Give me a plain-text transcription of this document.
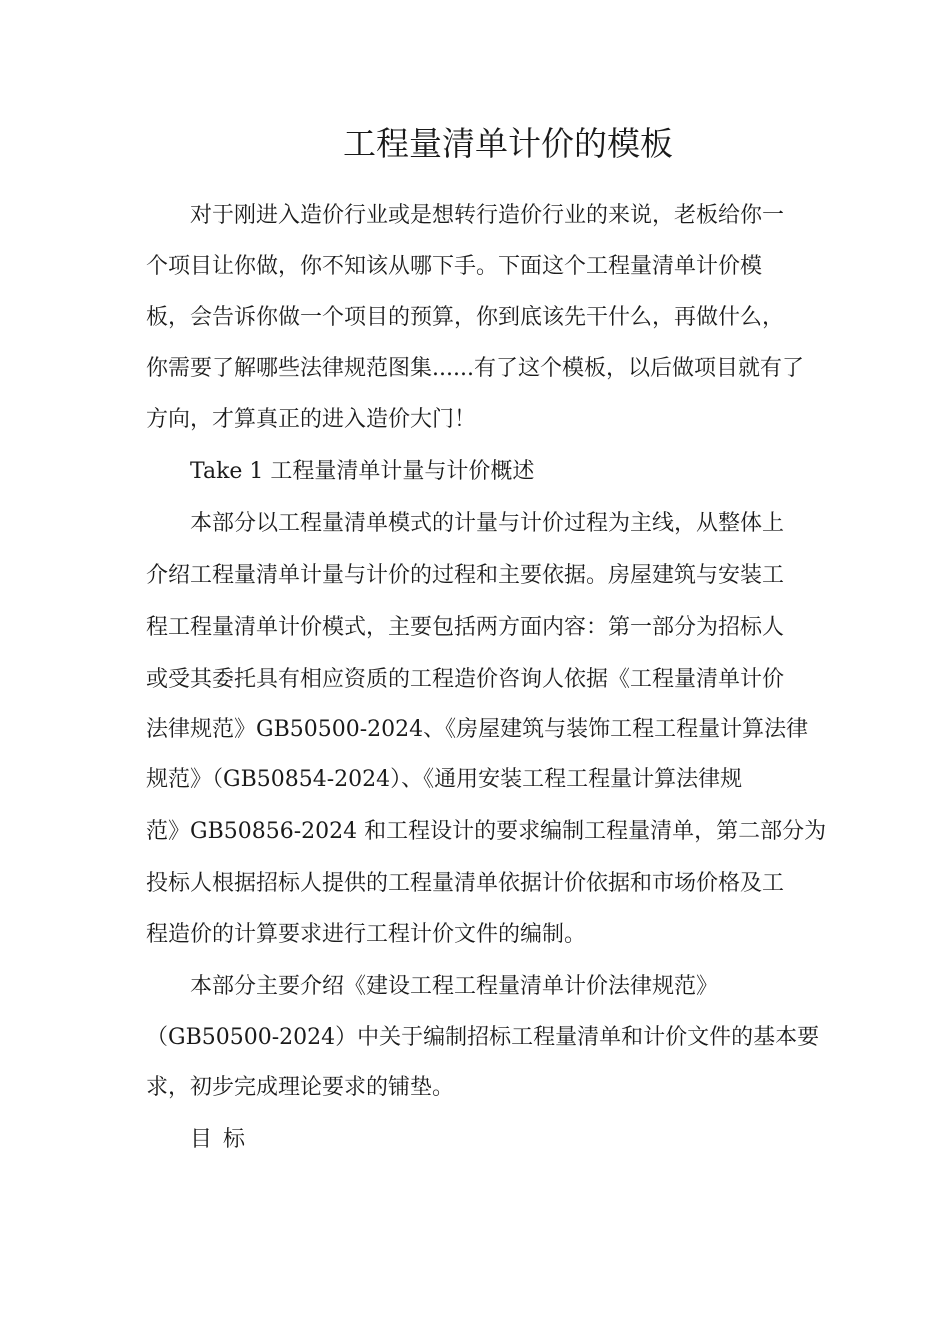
工程量清单计价的模板
对于刚进入造价行业或是想转行造价行业的来说，老板给你一
个项目让你做，你不知该从哪下手。下面这个工程量清单计价模
板，会告诉你做一个项目的预算，你到底该先干什么，再做什么，
你需要了解哪些法律规范图集......有了这个模板，以后做项目就有了
方向，才算真正的进入造价大门！
Take 1 工程量清单计量与计价概述
本部分以工程量清单模式的计量与计价过程为主线，从整体上
介绍工程量清单计量与计价的过程和主要依据。房屋建筑与安装工
程工程量清单计价模式，主要包括两方面内容：第一部分为招标人
或受其委托具有相应资质的工程造价咨询人依据《工程量清单计价
法律规范》GB50500-2024、《房屋建筑与装饰工程工程量计算法律
规范》（GB50854-2024）、《通用安装工程工程量计算法律规
范》GB50856-2024 和工程设计的要求编制工程量清单，第二部分为
投标人根据招标人提供的工程量清单依据计价依据和市场价格及工
程造价的计算要求进行工程计价文件的编制。
本部分主要介绍《建设工程工程量清单计价法律规范》
（GB50500-2024）中关于编制招标工程量清单和计价文件的基本要
求，初步完成理论要求的铺垫。
目 标
